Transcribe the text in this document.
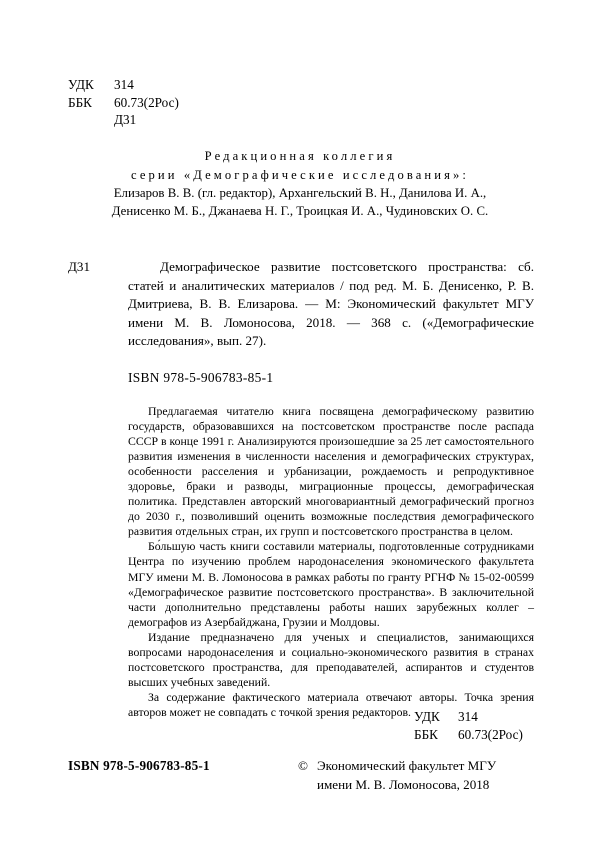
УДК	314
ББК	60.73(2Рос)
Д31
Редакционная коллегия
серии «Демографические исследования»:
Елизаров В. В. (гл. редактор), Архангельский В. Н., Данилова И. А.,
Денисенко М. Б., Джанаева Н. Г., Троицкая И. А., Чудиновских О. С.
Д31	Демографическое развитие постсоветского пространства: сб. статей и аналитических материалов / под ред. М. Б. Денисенко, Р. В. Дмитриева, В. В. Елизарова. — М: Экономический факультет МГУ имени М. В. Ломоносова, 2018. — 368 с. («Демографические исследования», вып. 27).
ISBN 978-5-906783-85-1

Предлагаемая читателю книга посвящена демографическому развитию государств, образовавшихся на постсоветском пространстве после распада СССР в конце 1991 г. Анализируются произошедшие за 25 лет самостоятельного развития изменения в численности населения и демографических структурах, особенности расселения и урбанизации, рождаемость и репродуктивное здоровье, браки и разводы, миграционные процессы, демографическая политика. Представлен авторский многовариантный демографический прогноз до 2030 г., позволивший оценить возможные последствия демографического развития отдельных стран, их групп и постсоветского пространства в целом.

Бо́льшую часть книги составили материалы, подготовленные сотрудниками Центра по изучению проблем народонаселения экономического факультета МГУ имени М. В. Ломоносова в рамках работы по гранту РГНФ № 15-02-00599 «Демографическое развитие постсоветского пространства». В заключительной части дополнительно представлены работы наших зарубежных коллег – демографов из Азербайджана, Грузии и Молдовы.

Издание предназначено для ученых и специалистов, занимающихся вопросами народонаселения и социально-экономического развития в странах постсоветского пространства, для преподавателей, аспирантов и студентов высших учебных заведений.

За содержание фактического материала отвечают авторы. Точка зрения авторов может не совпадать с точкой зрения редакторов. УДК	314
ББК	60.73(2Рос)
ISBN 978-5-906783-85-1	© Экономический факультет МГУ
имени М. В. Ломоносова, 2018
